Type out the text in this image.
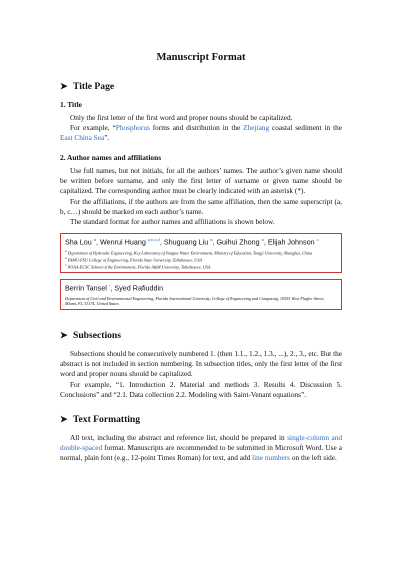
Manuscript Format
➤ Title Page
1. Title

Only the first letter of the first word and proper nouns should be capitalized.

For example, “Phosphorus forms and distribution in the Zhejiang coastal sediment in the East China Sea”.

2. Author names and affiliations

Use full names, but not initials, for all the authors’ names. The author’s given name should be written before surname, and only the first letter of surname or given name should be capitalized. The corresponding author must be clearly indicated with an asterisk (*).

For the affiliations, if the authors are from the same affiliation, then the same superscript (a, b, c…) should be marked on each author’s name.

The standard format for author names and affiliations is shown below.

Sha Lou $^a$, Wenrui Huang $^{a,b,c,d}$, Shuguang Liu $^a$, Guihui Zhong $^a$, Elijah Johnson $^c$

$^a$ Department of Hydraulic Engineering, Key Laboratory of Yangtze Water Environment, Ministry of Education, Tongji University, Shanghai, China

$^b$ FAMU-FSU College of Engineering, Florida State University, Tallahassee, USA

$^c$ NOAA-ECSC School of the Environment, Florida A&M University, Tallahassee, USA

Berrin Tansel *, Syed Rafiuddin

Department of Civil and Environmental Engineering, Florida International University, College of Engineering and Computing, 10555 West Flagler Street, Miami, FL 33174, United States

➤ Subsections

Subsections should be consecutively numbered 1. (then 1.1., 1.2., 1.3., ...), 2., 3., etc. But the abstract is not included in section numbering. In subsection titles, only the first letter of the first word and proper nouns should be capitalized.

For example, “1. Introduction 2. Material and methods 3. Results 4. Discussion 5. Conclusions” and “2.1. Data collection 2.2. Modeling with Saint-Venant equations”.

➤ Text Formatting

All text, including the abstract and reference list, should be prepared in single-column and double-spaced format. Manuscripts are recommended to be submitted in Microsoft Word. Use a normal, plain font (e.g., 12-point Times Roman) for text, and add line numbers on the left side.
